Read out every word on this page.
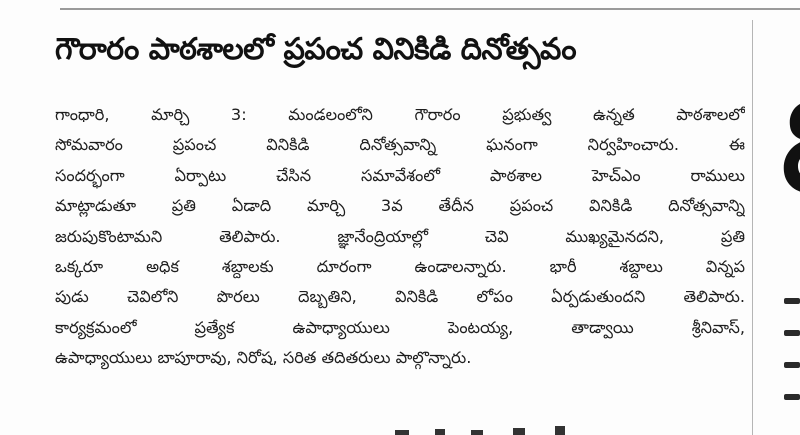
గౌరారం పాఠశాలలో ప్రపంచ వినికిడి దినోత్సవం
గాంధారి, మార్చి 3: మండలంలోని గౌరారం ప్రభుత్వ ఉన్నత పాఠశాలలో
సోమవారం ప్రపంచ వినికిడి దినోత్సవాన్ని ఘనంగా నిర్వహించారు. ఈ
సందర్భంగా ఏర్పాటు చేసిన సమావేశంలో పాఠశాల హెచ్ఎం రాములు
మాట్లాడుతూ ప్రతి ఏడాది మార్చి 3వ తేదీన ప్రపంచ వినికిడి దినోత్సవాన్ని
జరుపుకొంటామని తెలిపారు. జ్ఞానేంద్రియాల్లో చెవి ముఖ్యమైనదని, ప్రతి
ఒక్కరూ అధిక శబ్దాలకు దూరంగా ఉండాలన్నారు. భారీ శబ్దాలు విన్నప
పుడు చెవిలోని పొరలు దెబ్బతిని, వినికిడి లోపం ఏర్పడుతుందని తెలిపారు.
కార్యక్రమంలో ప్రత్యేక ఉపాధ్యాయులు పెంటయ్య, తాడ్వాయి శ్రీనివాస్,
ఉపాధ్యాయులు బాపూరావు, నిరోష, సరిత తదితరులు పాల్గొన్నారు.
